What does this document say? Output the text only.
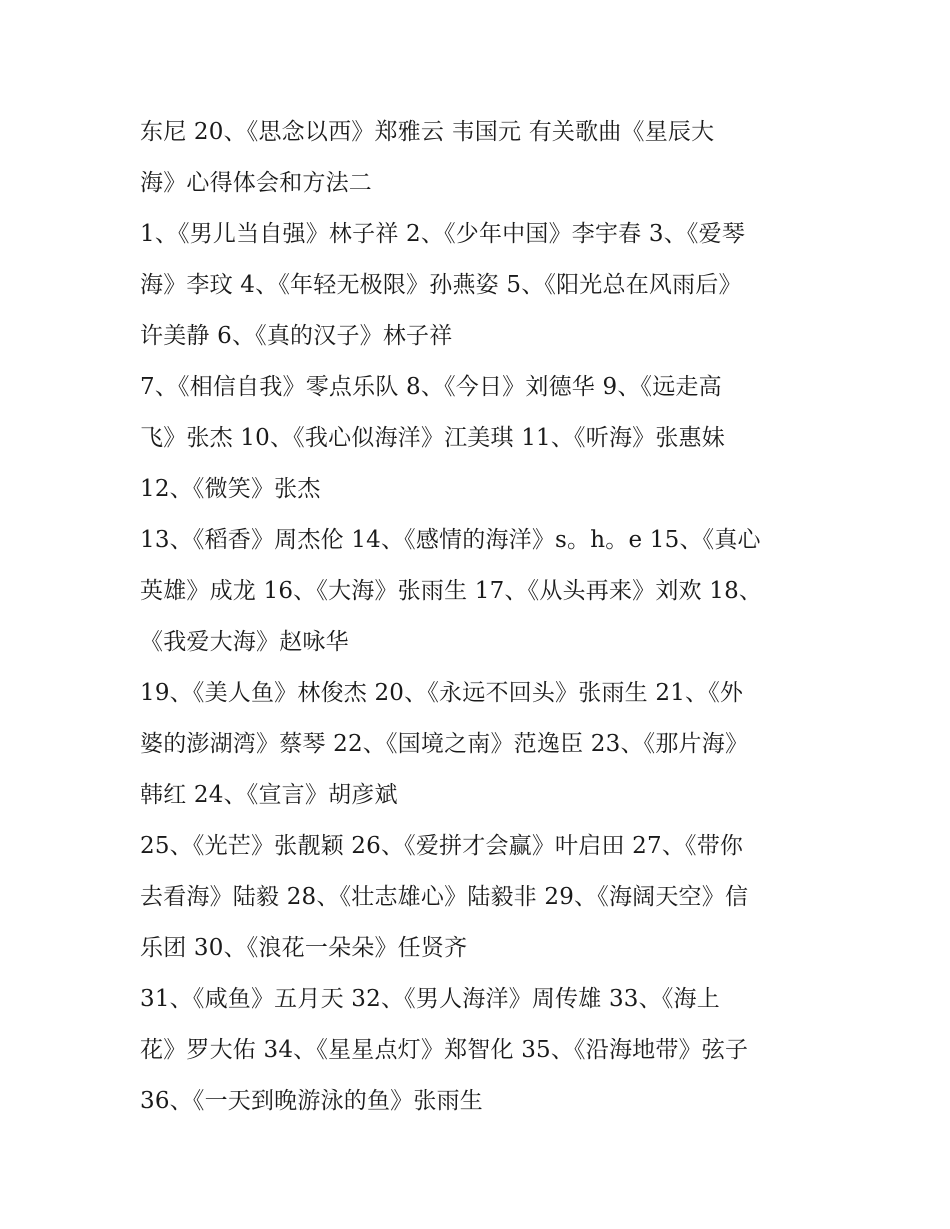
东尼 20、《思念以西》郑雅云 韦国元 有关歌曲《星辰大
海》心得体会和方法二
1、《男儿当自强》林子祥 2、《少年中国》李宇春 3、《爱琴
海》李玟 4、《年轻无极限》孙燕姿 5、《阳光总在风雨后》
许美静 6、《真的汉子》林子祥
7、《相信自我》零点乐队 8、《今日》刘德华 9、《远走高
飞》张杰 10、《我心似海洋》江美琪 11、《听海》张惠妹
12、《微笑》张杰
13、《稻香》周杰伦 14、《感情的海洋》s。h。e 15、《真心
英雄》成龙 16、《大海》张雨生 17、《从头再来》刘欢 18、
《我爱大海》赵咏华
19、《美人鱼》林俊杰 20、《永远不回头》张雨生 21、《外
婆的澎湖湾》蔡琴 22、《国境之南》范逸臣 23、《那片海》
韩红 24、《宣言》胡彦斌
25、《光芒》张靓颖 26、《爱拼才会赢》叶启田 27、《带你
去看海》陆毅 28、《壮志雄心》陆毅非 29、《海阔天空》信
乐团 30、《浪花一朵朵》任贤齐
31、《咸鱼》五月天 32、《男人海洋》周传雄 33、《海上
花》罗大佑 34、《星星点灯》郑智化 35、《沿海地带》弦子
36、《一天到晚游泳的鱼》张雨生
